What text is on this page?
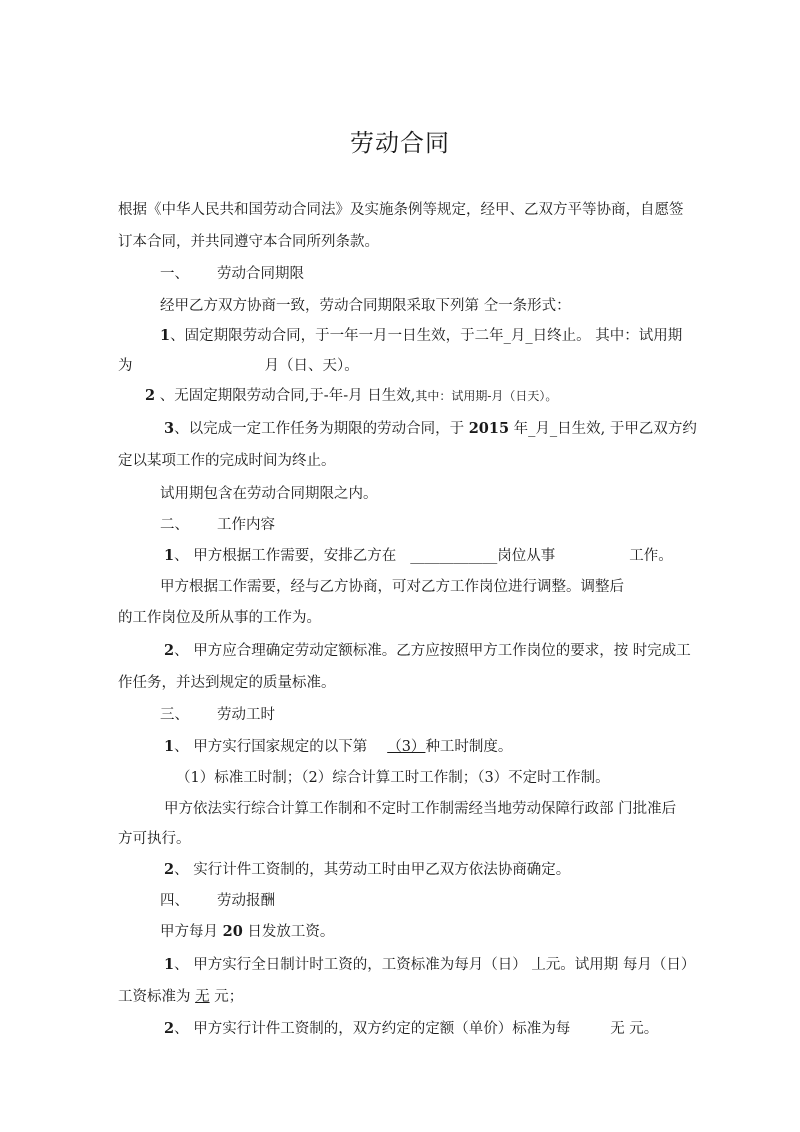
劳动合同
根据《中华人民共和国劳动合同法》及实施条例等规定，经甲、乙双方平等协商，自愿签
订本合同，并共同遵守本合同所列条款。
一、 劳动合同期限
经甲乙方双方协商一致，劳动合同期限采取下列第 仝一条形式：
1、固定期限劳动合同，于一年一月一日生效，于二年_月_日终止。 其中：试用期
为	月（日、天）。
2 、无固定期限劳动合同,于-年-月 日生效,其中：试用期-月（日天）。
3、以完成一定工作任务为期限的劳动合同，于 2015 年_月_日生效, 于甲乙双方约
定以某项工作的完成时间为终止。
试用期包含在劳动合同期限之内。
二、 工作内容
1、 甲方根据工作需要，安排乙方在 ____________岗位从事	工作。
甲方根据工作需要，经与乙方协商，可对乙方工作岗位进行调整。调整后
的工作岗位及所从事的工作为。
2、 甲方应合理确定劳动定额标准。乙方应按照甲方工作岗位的要求，按 时完成工
作任务，并达到规定的质量标准。
三、 劳动工时
1、 甲方实行国家规定的以下第 （3）种工时制度。
（1）标准工时制；（2）综合计算工时工作制；（3）不定时工作制。
甲方依法实行综合计算工作制和不定时工作制需经当地劳动保障行政部 门批准后
方可执行。
2、 实行计件工资制的，其劳动工时由甲乙双方依法协商确定。
四、 劳动报酬
甲方每月 20 日发放工资。
1、 甲方实行全日制计时工资的，工资标准为每月（日） 丄元。试用期 每月（日）
工资标准为 无 元；
2、 甲方实行计件工资制的，双方约定的定额（单价）标准为每	无 元。
